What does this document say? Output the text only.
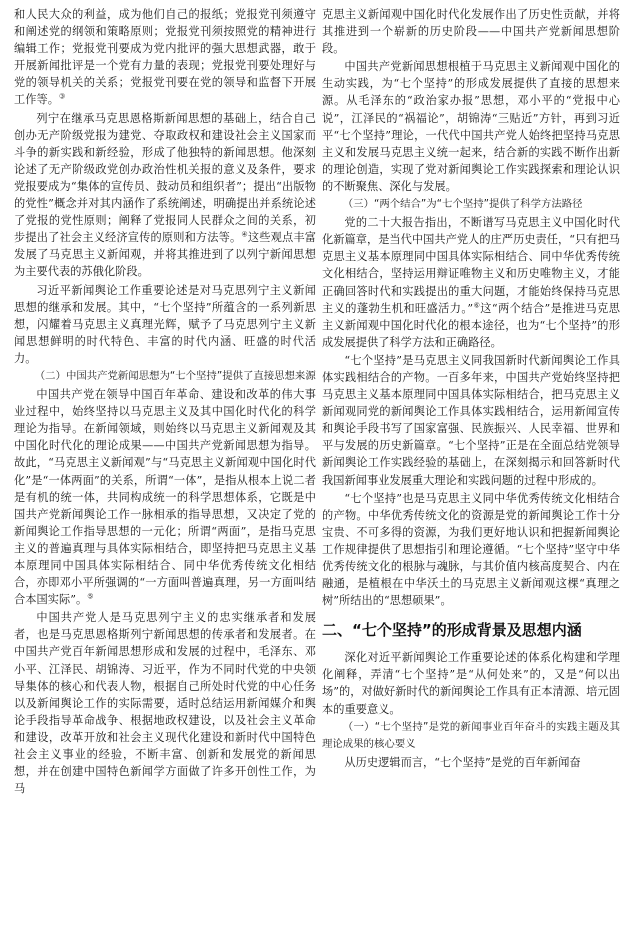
和人民大众的利益，成为他们自己的报纸；党报党刊须遵守和阐述党的纲领和策略原则；党报党刊须按照党的精神进行编辑工作；党报党刊要成为党内批评的强大思想武器，敢于开展新闻批评是一个党有力量的表现；党报党刊要处理好与党的领导机关的关系；党报党刊要在党的领导和监督下开展工作等。③
列宁在继承马克思恩格斯新闻思想的基础上，结合自己创办无产阶级党报为建党、夺取政权和建设社会主义国家而斗争的新实践和新经验，形成了他独特的新闻思想。他深刻论述了无产阶级政党创办政治性机关报的意义及条件，要求党报要成为“集体的宣传员、鼓动员和组织者”；提出“出版物的党性”概念并对其内涵作了系统阐述，明确提出并系统论述了党报的党性原则；阐释了党报同人民群众之间的关系，初步提出了社会主义经济宣传的原则和方法等。④这些观点丰富发展了马克思主义新闻观，并将其推进到了以列宁新闻思想为主要代表的苏俄化阶段。
习近平新闻舆论工作重要论述是对马克思列宁主义新闻思想的继承和发展。其中，“七个坚持”所蕴含的一系列新思想，闪耀着马克思主义真理光辉，赋予了马克思列宁主义新闻思想鲜明的时代特色、丰富的时代内涵、旺盛的时代活力。
（二）中国共产党新闻思想为“七个坚持”提供了直接思想来源
中国共产党在领导中国百年革命、建设和改革的伟大事业过程中，始终坚持以马克思主义及其中国化时代化的科学理论为指导。在新闻领域，则始终以马克思主义新闻观及其中国化时代化的理论成果——中国共产党新闻思想为指导。故此，“马克思主义新闻观”与“马克思主义新闻观中国化时代化”是“一体两面”的关系，所谓“一体”，是指从根本上说二者是有机的统一体，共同构成统一的科学思想体系，它既是中国共产党新闻舆论工作一脉相承的指导思想，又决定了党的新闻舆论工作指导思想的一元化；所谓“两面”，是指马克思主义的普遍真理与具体实际相结合，即坚持把马克思主义基本原理同中国具体实际相结合、同中华优秀传统文化相结合，亦即邓小平所强调的“一方面叫普遍真理，另一方面叫结合本国实际”。⑤
中国共产党人是马克思列宁主义的忠实继承者和发展者，也是马克思恩格斯列宁新闻思想的传承者和发展者。在中国共产党百年新闻思想形成和发展的过程中，毛泽东、邓小平、江泽民、胡锦涛、习近平，作为不同时代党的中央领导集体的核心和代表人物，根据自己所处时代党的中心任务以及新闻舆论工作的实际需要，适时总结运用新闻媒介和舆论手段指导革命战争、根据地政权建设，以及社会主义革命和建设，改革开放和社会主义现代化建设和新时代中国特色社会主义事业的经验，不断丰富、创新和发展党的新闻思想，并在创建中国特色新闻学方面做了许多开创性工作，为马
克思主义新闻观中国化时代化发展作出了历史性贡献，并将其推进到一个崭新的历史阶段——中国共产党新闻思想阶段。
中国共产党新闻思想根植于马克思主义新闻观中国化的生动实践，为“七个坚持”的形成发展提供了直接的思想来源。从毛泽东的“政治家办报”思想，邓小平的“党报中心说”，江泽民的“祸福论”，胡锦涛“三贴近”方针，再到习近平“七个坚持”理论，一代代中国共产党人始终把坚持马克思主义和发展马克思主义统一起来，结合新的实践不断作出新的理论创造，实现了党对新闻舆论工作实践探索和理论认识的不断聚焦、深化与发展。
（三）“两个结合”为“七个坚持”提供了科学方法路径
党的二十大报告指出，不断谱写马克思主义中国化时代化新篇章，是当代中国共产党人的庄严历史责任，“只有把马克思主义基本原理同中国具体实际相结合、同中华优秀传统文化相结合，坚持运用辩证唯物主义和历史唯物主义，才能正确回答时代和实践提出的重大问题，才能始终保持马克思主义的蓬勃生机和旺盛活力。”⑥这“两个结合”是推进马克思主义新闻观中国化时代化的根本途径，也为“七个坚持”的形成发展提供了科学方法和正确路径。
“七个坚持”是马克思主义同我国新时代新闻舆论工作具体实践相结合的产物。一百多年来，中国共产党始终坚持把马克思主义基本原理同中国具体实际相结合，把马克思主义新闻观同党的新闻舆论工作具体实践相结合，运用新闻宣传和舆论手段书写了国家富强、民族振兴、人民幸福、世界和平与发展的历史新篇章。“七个坚持”正是在全面总结党领导新闻舆论工作实践经验的基础上，在深刻揭示和回答新时代我国新闻事业发展重大理论和实践问题的过程中形成的。
“七个坚持”也是马克思主义同中华优秀传统文化相结合的产物。中华优秀传统文化的资源是党的新闻舆论工作十分宝贵、不可多得的资源，为我们更好地认识和把握新闻舆论工作规律提供了思想指引和理论遵循。“七个坚持”坚守中华优秀传统文化的根脉与魂脉，与其价值内核高度契合、内在融通，是植根在中华沃土的马克思主义新闻观这棵“真理之树”所结出的“思想硕果”。
二、“七个坚持”的形成背景及思想内涵
深化对近平新闻舆论工作重要论述的体系化构建和学理化阐释，弄清“七个坚持”是“从何处来”的，又是“何以出场”的，对做好新时代的新闻舆论工作具有正本清源、培元固本的重要意义。
（一）“七个坚持”是党的新闻事业百年奋斗的实践主题及其理论成果的核心要义
从历史逻辑而言，“七个坚持”是党的百年新闻奋
